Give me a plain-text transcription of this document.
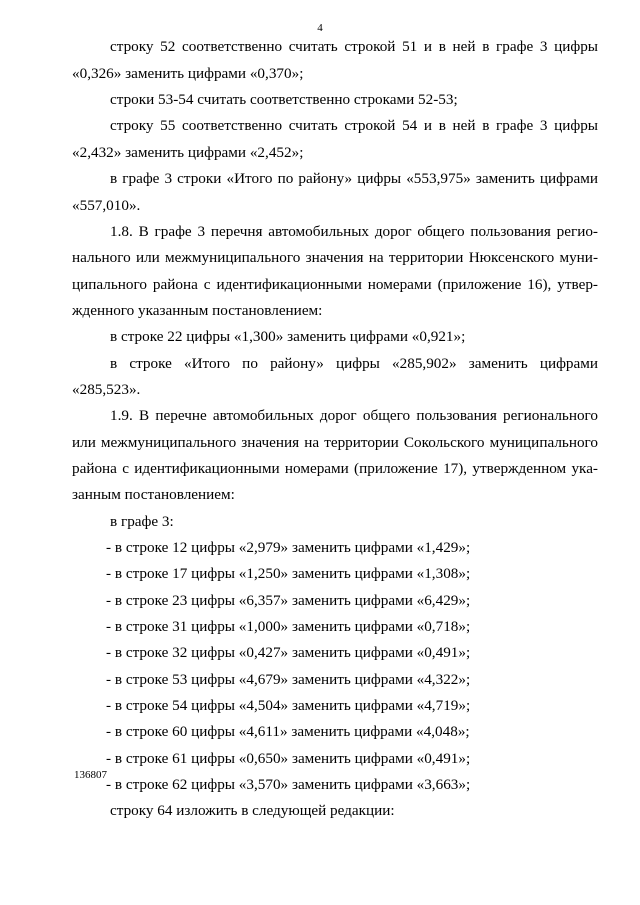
4
строку 52 соответственно считать строкой 51 и в ней в графе 3 цифры
«0,326» заменить цифрами «0,370»;
строки 53-54 считать соответственно строками 52-53;
строку 55 соответственно считать строкой 54 и в ней в графе 3 цифры
«2,432» заменить цифрами «2,452»;
в графе 3 строки «Итого по району» цифры «553,975» заменить цифрами
«557,010».
1.8. В графе 3 перечня автомобильных дорог общего пользования регио-
нального или межмуниципального значения на территории Нюксенского муни-
ципального района с идентификационными номерами (приложение 16), утвер-
жденного указанным постановлением:
в строке 22 цифры «1,300» заменить цифрами «0,921»;
в строке «Итого по району» цифры «285,902» заменить цифрами
«285,523».
1.9. В перечне автомобильных дорог общего пользования регионального
или межмуниципального значения на территории Сокольского муниципального
района с идентификационными номерами (приложение 17), утвержденном ука-
занным постановлением:
в графе 3:
- в строке 12 цифры «2,979» заменить цифрами «1,429»;
- в строке 17 цифры «1,250» заменить цифрами «1,308»;
- в строке 23 цифры «6,357» заменить цифрами «6,429»;
- в строке 31 цифры «1,000» заменить цифрами «0,718»;
- в строке 32 цифры «0,427» заменить цифрами «0,491»;
- в строке 53 цифры «4,679» заменить цифрами «4,322»;
- в строке 54 цифры «4,504» заменить цифрами «4,719»;
- в строке 60 цифры «4,611» заменить цифрами «4,048»;
- в строке 61 цифры «0,650» заменить цифрами «0,491»;
- в строке 62 цифры «3,570» заменить цифрами «3,663»;
строку 64 изложить в следующей редакции:
136807
